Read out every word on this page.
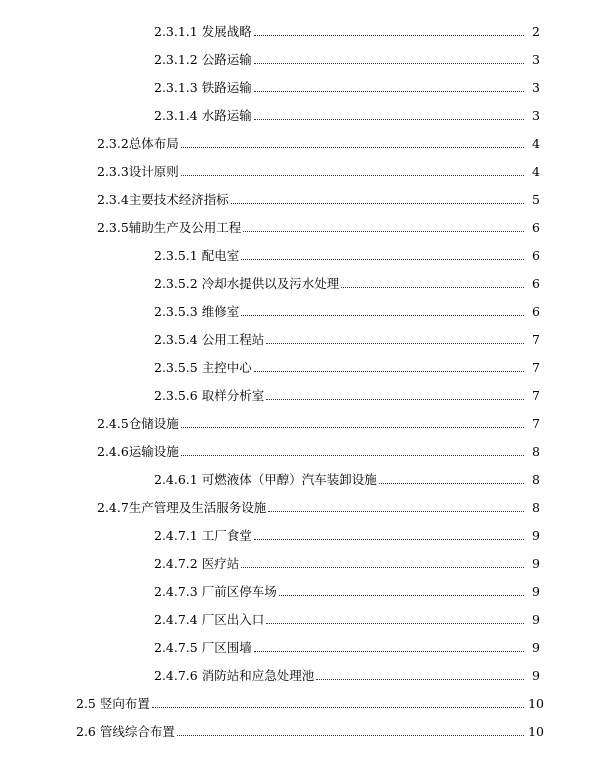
2.3.1.1 发展战略	2
2.3.1.2 公路运输	3
2.3.1.3 铁路运输	3
2.3.1.4 水路运输	3
2.3.2总体布局	4
2.3.3设计原则	4
2.3.4主要技术经济指标	5
2.3.5辅助生产及公用工程	6
2.3.5.1 配电室	6
2.3.5.2 冷却水提供以及污水处理	6
2.3.5.3 维修室	6
2.3.5.4 公用工程站	7
2.3.5.5 主控中心	7
2.3.5.6 取样分析室	7
2.4.5仓储设施	7
2.4.6运输设施	8
2.4.6.1 可燃液体（甲醇）汽车装卸设施	8
2.4.7生产管理及生活服务设施	8
2.4.7.1 工厂食堂	9
2.4.7.2 医疗站	9
2.4.7.3 厂前区停车场	9
2.4.7.4 厂区出入口	9
2.4.7.5 厂区围墙	9
2.4.7.6 消防站和应急处理池	9
2.5 竖向布置	10
2.6 管线综合布置	10
